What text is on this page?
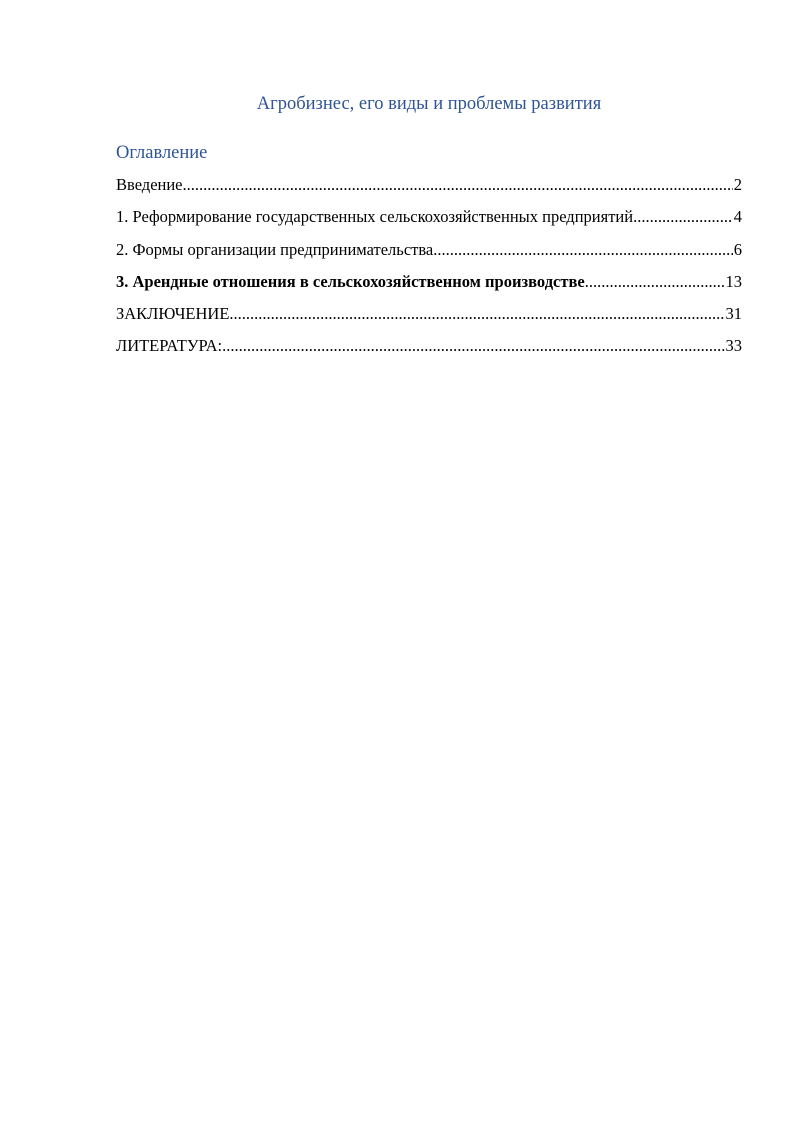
Агробизнес, его виды и проблемы развития
Оглавление
Введение .....	2
1. Реформирование государственных сельскохозяйственных предприятий .....	4
2. Формы организации предпринимательства .....	6
3. Арендные отношения в сельскохозяйственном производстве .....	13
ЗАКЛЮЧЕНИЕ .....	31
ЛИТЕРАТУРА: .....	33
